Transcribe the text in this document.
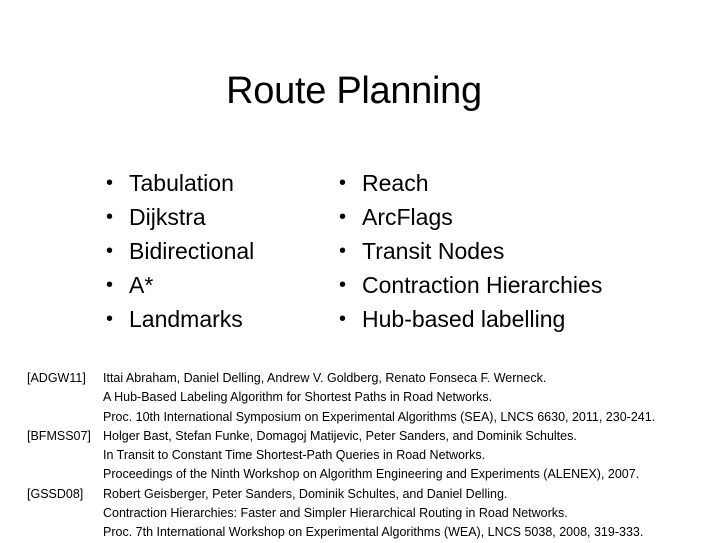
Route Planning
• Tabulation
• Dijkstra
• Bidirectional
• A*
• Landmarks
• Reach
• ArcFlags
• Transit Nodes
• Contraction Hierarchies
• Hub-based labelling
[ADGW11]	Ittai Abraham, Daniel Delling, Andrew V. Goldberg, Renato Fonseca F. Werneck.
A Hub-Based Labeling Algorithm for Shortest Paths in Road Networks.
Proc. 10th International Symposium on Experimental Algorithms (SEA), LNCS 6630, 2011, 230-241.
[BFMSS07] Holger Bast, Stefan Funke, Domagoj Matijevic, Peter Sanders, and Dominik Schultes.
In Transit to Constant Time Shortest-Path Queries in Road Networks.
Proceedings of the Ninth Workshop on Algorithm Engineering and Experiments (ALENEX), 2007.
[GSSD08]	Robert Geisberger, Peter Sanders, Dominik Schultes, and Daniel Delling.
Contraction Hierarchies: Faster and Simpler Hierarchical Routing in Road Networks.
Proc. 7th International Workshop on Experimental Algorithms (WEA), LNCS 5038, 2008, 319-333.
